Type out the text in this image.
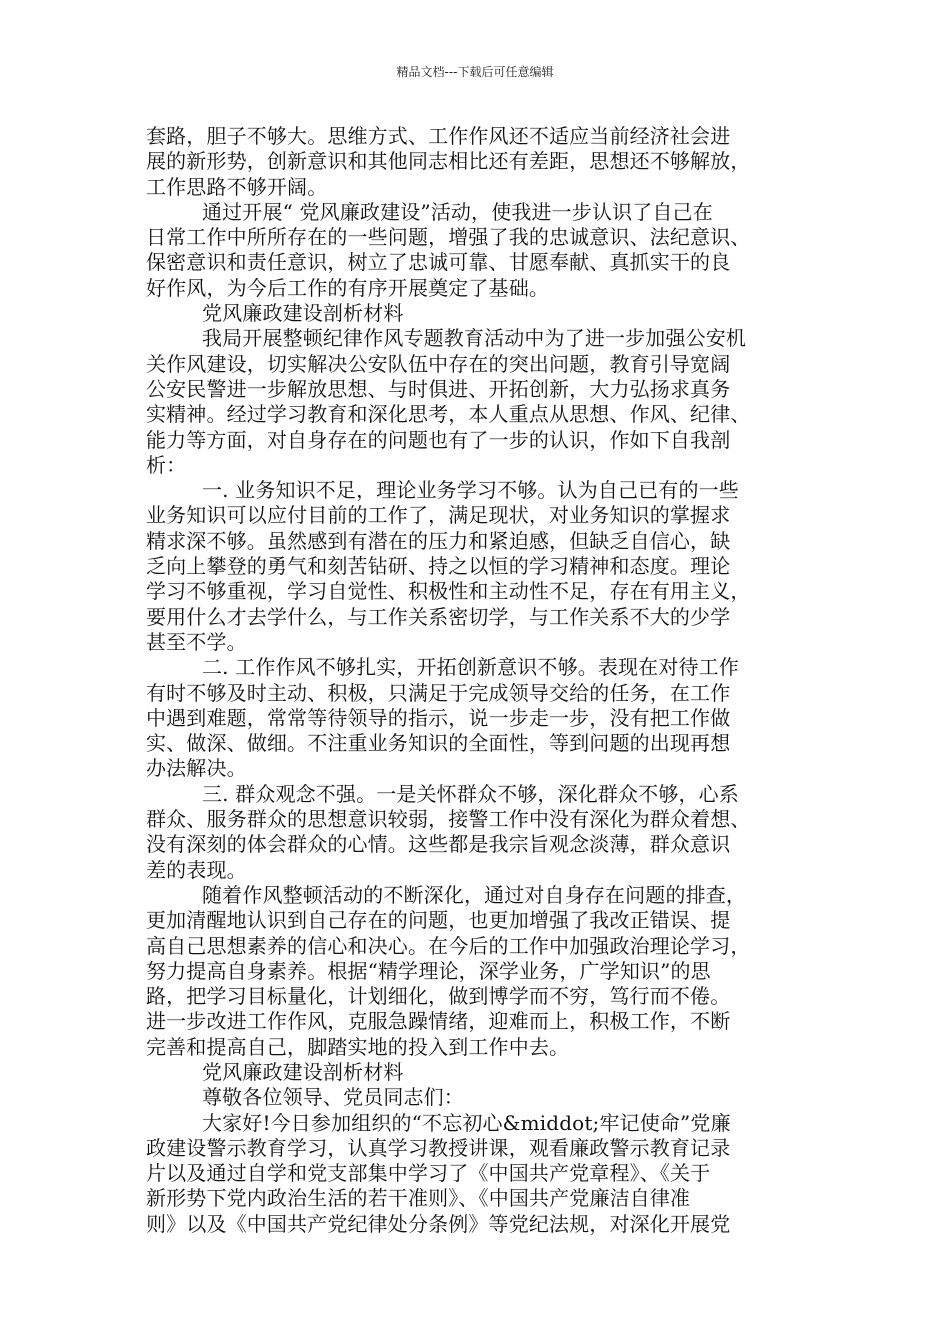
精品文档---下载后可任意编辑
套路，胆子不够大。思维方式、工作作风还不适应当前经济社会进
展的新形势，创新意识和其他同志相比还有差距，思想还不够解放，
工作思路不够开阔。
通过开展“ 党风廉政建设”活动，使我进一步认识了自己在
日常工作中所所存在的一些问题，增强了我的忠诚意识、法纪意识、
保密意识和责任意识，树立了忠诚可靠、甘愿奉献、真抓实干的良
好作风，为今后工作的有序开展奠定了基础。
党风廉政建设剖析材料
我局开展整顿纪律作风专题教育活动中为了进一步加强公安机
关作风建设，切实解决公安队伍中存在的突出问题，教育引导宽阔
公安民警进一步解放思想、与时俱进、开拓创新，大力弘扬求真务
实精神。经过学习教育和深化思考，本人重点从思想、作风、纪律、
能力等方面，对自身存在的问题也有了一步的认识，作如下自我剖
析：
一. 业务知识不足，理论业务学习不够。认为自己已有的一些
业务知识可以应付目前的工作了，满足现状，对业务知识的掌握求
精求深不够。虽然感到有潜在的压力和紧迫感，但缺乏自信心，缺
乏向上攀登的勇气和刻苦钻研、持之以恒的学习精神和态度。理论
学习不够重视，学习自觉性、积极性和主动性不足，存在有用主义，
要用什么才去学什么，与工作关系密切学，与工作关系不大的少学
甚至不学。
二. 工作作风不够扎实，开拓创新意识不够。表现在对待工作
有时不够及时主动、积极，只满足于完成领导交给的任务，在工作
中遇到难题，常常等待领导的指示，说一步走一步，没有把工作做
实、做深、做细。不注重业务知识的全面性，等到问题的出现再想
办法解决。
三. 群众观念不强。一是关怀群众不够，深化群众不够，心系
群众、服务群众的思想意识较弱，接警工作中没有深化为群众着想、
没有深刻的体会群众的心情。这些都是我宗旨观念淡薄，群众意识
差的表现。
随着作风整顿活动的不断深化，通过对自身存在问题的排查，
更加清醒地认识到自己存在的问题，也更加增强了我改正错误、提
高自己思想素养的信心和决心。在今后的工作中加强政治理论学习，
努力提高自身素养。根据“精学理论，深学业务，广学知识”的思
路，把学习目标量化，计划细化，做到博学而不穷，笃行而不倦。
进一步改进工作作风，克服急躁情绪，迎难而上，积极工作，不断
完善和提高自己，脚踏实地的投入到工作中去。
党风廉政建设剖析材料
尊敬各位领导、党员同志们：
大家好!今日参加组织的“不忘初心&middot;牢记使命”党廉
政建设警示教育学习，认真学习教授讲课，观看廉政警示教育记录
片以及通过自学和党支部集中学习了《中国共产党章程》、《关于
新形势下党内政治生活的若干准则》、《中国共产党廉洁自律准
则》以及《中国共产党纪律处分条例》等党纪法规，对深化开展党
